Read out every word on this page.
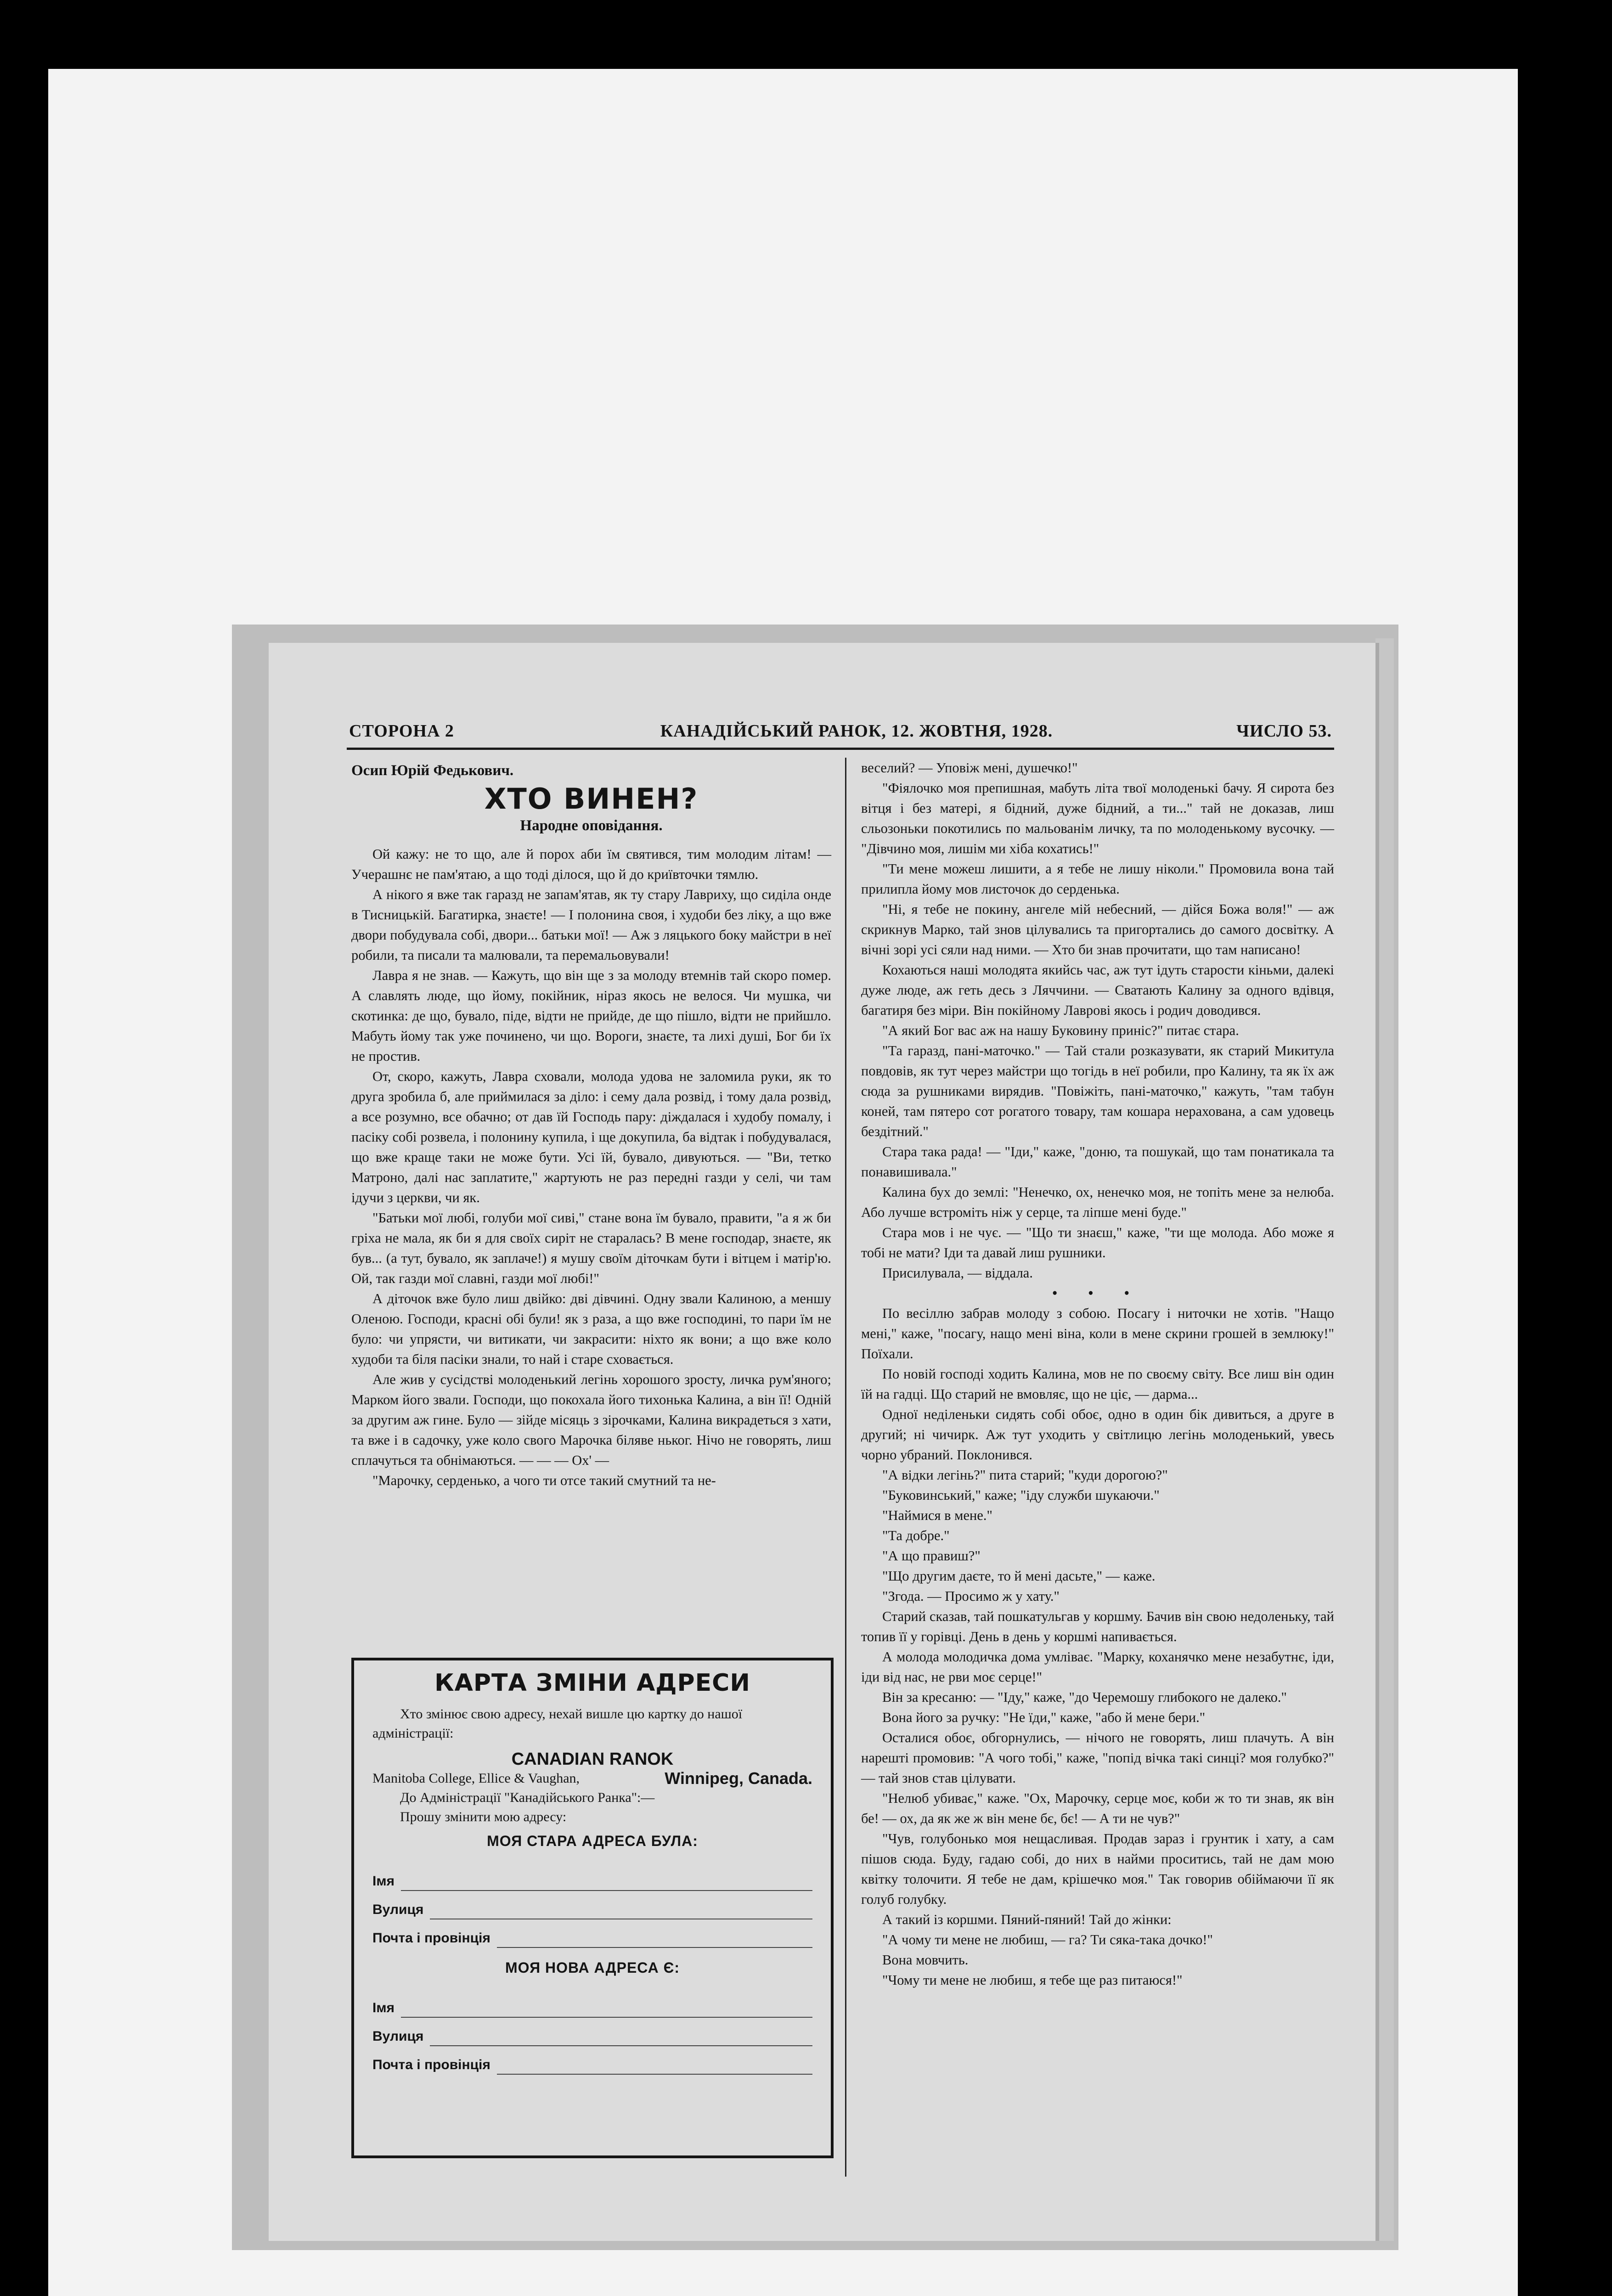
СТОРОНА 2	КАНАДІЙСЬКИЙ РАНОК, 12. ЖОВТНЯ, 1928.	ЧИСЛО 53.
Осип Юрій Федькович.
ХТО ВИНЕН?
Народне оповідання.

Ой кажу: не то що, але й порох аби їм святився, тим молодим літам! — Учерашнє не пам'ятаю, а що тоді ділося, що й до криївточки тямлю.

А нікого я вже так гаразд не запам'ятав, як ту стару Лавриху, що сиділа онде в Тисницькій. Багатирка, знаєте! — І полонина своя, і худоби без ліку, а що вже двори побудувала собі, двори... батьки мої! — Аж з ляцького боку майстри в неї робили, та писали та малювали, та перемальовували!

Лавра я не знав. — Кажуть, що він ще з за молоду втемнів тай скоро помер. А славлять люде, що йому, покійник, ніраз якось не велося. Чи мушка, чи скотинка: де що, бувало, піде, відти не прийде, де що пішло, відти не прийшло. Мабуть йому так уже починено, чи що. Вороги, знаєте, та лихі душі, Бог би їх не простив.

От, скоро, кажуть, Лавра сховали, молода удова не заломила руки, як то друга зробила б, але приймилася за діло: і сему дала розвід, і тому дала розвід, а все розумно, все обачно; от дав їй Господь пару: діждалася і худобу помалу, і пасіку собі розвела, і полонину купила, і ще докупила, ба відтак і побудувалася, що вже краще таки не може бути. Усі їй, бувало, дивуються. — "Ви, тетко Матроно, далі нас заплатите," жартують не раз передні газди у селі, чи там ідучи з церкви, чи як.

"Батьки мої любі, голуби мої сиві," стане вона їм бувало, правити, "а я ж би гріха не мала, як би я для своїх сиріт не старалась? В мене господар, знаєте, як був... (а тут, бувало, як заплаче!) я мушу своїм діточкам бути і вітцем і матір'ю. Ой, так газди мої славні, газди мої любі!"

А діточок вже було лиш двійко: дві дівчині. Одну звали Калиною, а меншу Оленою. Господи, красні обі були! як з раза, а що вже господині, то пари їм не було: чи упрясти, чи витикати, чи закрасити: ніхто як вони; а що вже коло худоби та біля пасіки знали, то най і старе сховається.

Але жив у сусідстві молоденький легінь хорошого зросту, личка рум'яного; Марком його звали. Господи, що покохала його тихонька Калина, а він її! Одній за другим аж гине. Було — зійде місяць з зірочками, Калина викрадеться з хати, та вже і в садочку, уже коло свого Марочка біляве ньког. Нічо не говорять, лиш сплачуться та обнімаються. — — — Ох' —

"Марочку, серденько, а чого ти отсе такий смутний та не-

веселий? — Уповіж мені, душечко!"

"Фіялочко моя препишная, мабуть літа твої молоденькі бачу. Я сирота без вітця і без матері, я бідний, дуже бідний, а ти..." тай не доказав, лиш сльозоньки покотились по мальованім личку, та по молоденькому вусочку. — "Дівчино моя, лишім ми хіба кохатись!"

"Ти мене можеш лишити, а я тебе не лишу ніколи." Промовила вона тай прилипла йому мов листочок до серденька.

"Ні, я тебе не покину, ангеле мій небесний, — дійся Божа воля!" — аж скрикнув Марко, тай знов цілувались та пригортались до самого досвітку. А вічні зорі усі сяли над ними. — Хто би знав прочитати, що там написано!

Кохаються наші молодята якийсь час, аж тут ідуть старости кіньми, далекі дуже люде, аж геть десь з Ляччини. — Сватають Калину за одного вдівця, багатиря без міри. Він покійному Лаврові якось і родич доводився.

"А який Бог вас аж на нашу Буковину приніс?" питає стара.

"Та гаразд, пані-маточко." — Тай стали розказувати, як старий Микитула повдовів, як тут через майстри що тогідь в неї робили, про Калину, та як їх аж сюда за рушниками вирядив. "Повіжіть, пані-маточко," кажуть, "там табун коней, там пятеро сот рогатого товару, там кошара нерахована, а сам удовець бездітний."

Стара така рада! — "Іди," каже, "доню, та пошукай, що там понатикала та понавишивала."

Калина бух до землі: "Ненечко, ох, ненечко моя, не топіть мене за нелюба. Або лучше встроміть ніж у серце, та ліпше мені буде."

Стара мов і не чує. — "Що ти знаєш," каже, "ти ще молода. Або може я тобі не мати? Іди та давай лиш рушники.

Присилувала, — віддала.

• • •

По весіллю забрав молоду з собою. Посагу і ниточки не хотів. "Нащо мені," каже, "посагу, нащо мені віна, коли в мене скрини грошей в землюку!" Поїхали.

По новій господі ходить Калина, мов не по своєму світу. Все лиш він один їй на гадці. Що старий не вмовляє, що не ціє, — дарма...

Одної неділеньки сидять собі обоє, одно в один бік дивиться, а друге в другий; ні чичирк. Аж тут уходить у світлицю легінь молоденький, увесь чорно убраний. Поклонився.

"А відки легінь?" пита старий; "куди дорогою?"

"Буковинський," каже; "іду служби шукаючи."

"Наймися в мене."

"Та добре."

"А що правиш?"

"Що другим даєте, то й мені дасьте," — каже.

"Згода. — Просимо ж у хату."

Старий сказав, тай пошкатульгав у коршму. Бачив він свою недоленьку, тай топив її у горівці. День в день у коршмі напивається.

А молода молодичка дома умліває. "Марку, коханячко мене незабутнє, іди, іди від нас, не рви моє серце!"

Він за кресаню: — "Іду," каже, "до Черемошу глибокого не далеко."

Вона його за ручку: "Не їди," каже, "або й мене бери."

Осталися обоє, обгорнулись, — нічого не говорять, лиш плачуть. А він нарешті промовив: "А чого тобі," каже, "попід вічка такі синці? моя голубко?" — тай знов став цілувати.

"Нелюб убиває," каже. "Ох, Марочку, серце моє, коби ж то ти знав, як він бе! — ох, да як же ж він мене бє, бє! — А ти не чув?"

"Чув, голубонько моя нещасливая. Продав зараз і грунтик і хату, а сам пішов сюда. Буду, гадаю собі, до них в найми проситись, тай не дам мою квітку толочити. Я тебе не дам, крішечко моя." Так говорив обіймаючи її як голуб голубку.

А такий із коршми. Пяний-пяний! Тай до жінки:

"А чому ти мене не любиш, — га? Ти сяка-така дочко!"

Вона мовчить.

"Чому ти мене не любиш, я тебе ще раз питаюся!"

КАРТА ЗМІНИ АДРЕСИ

Хто змінює свою адресу, нехай вишле цю картку до нашої адміністрації:

CANADIAN RANOK
Manitoba College, Ellice & Vaughan,	Winnipeg, Canada.

До Адміністрації "Канадійського Ранка":—

Прошу змінити мою адресу:

МОЯ СТАРА АДРЕСА БУЛА:
Імя
Вулиця
Почта і провінція
МОЯ НОВА АДРЕСА Є:
Імя
Вулиця
Почта і провінція
